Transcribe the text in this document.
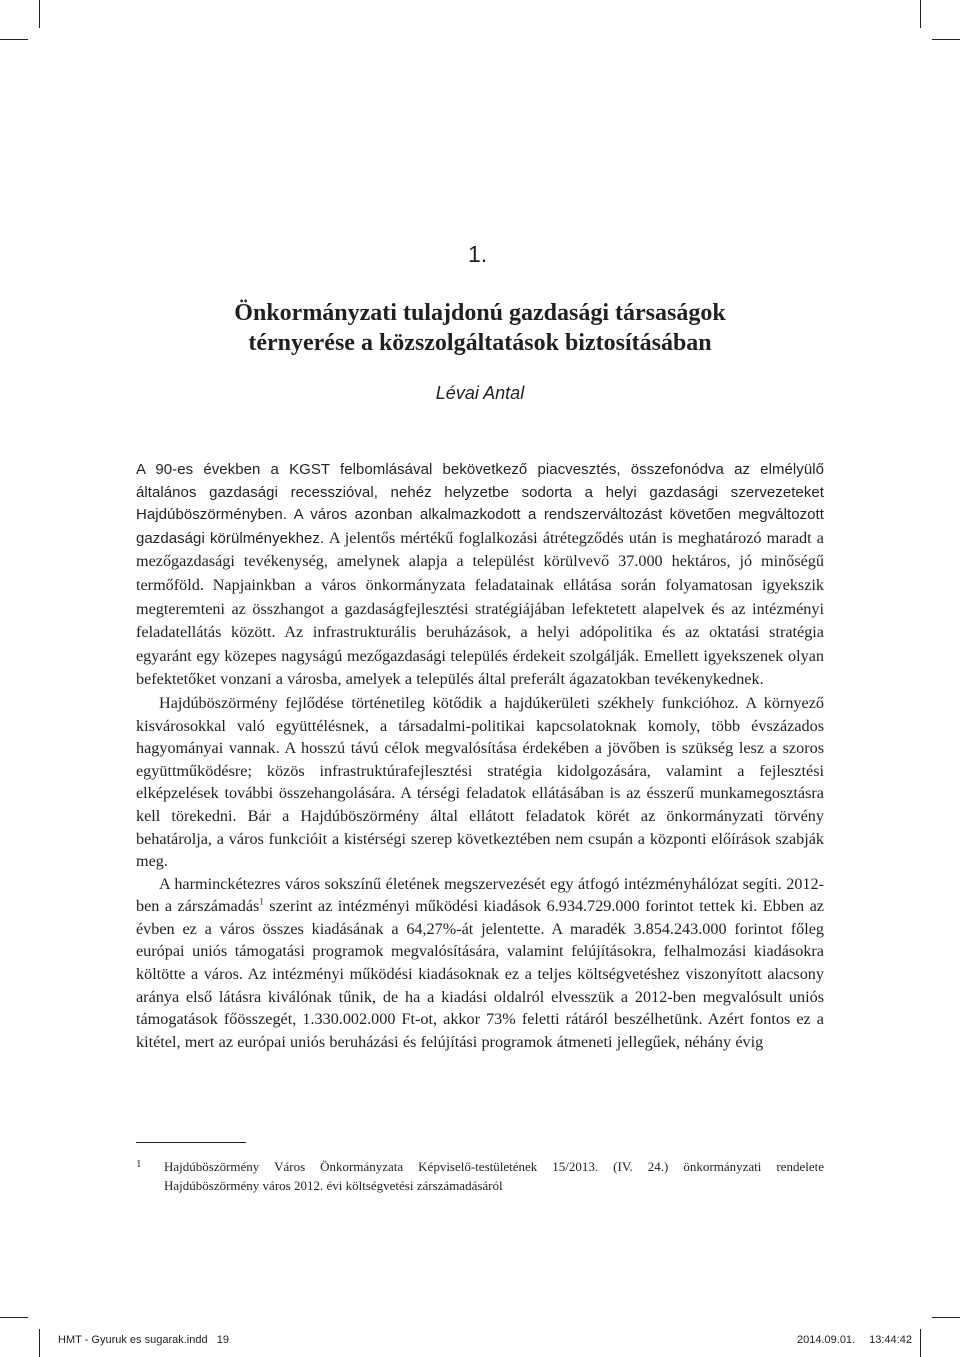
1.
Önkormányzati tulajdonú gazdasági társaságok
térnyerése a közszolgáltatások biztosításában
Lévai Antal

A 90-es években a KGST felbomlásával bekövetkező piacvesztés, összefonódva az elmélyülő általános gazdasági recesszióval, nehéz helyzetbe sodorta a helyi gazdasági szervezeteket Hajdúböszörményben. A város azonban alkalmazkodott a rendszerváltozást követően megváltozott gazdasági körülményekhez. A jelentős mértékű foglalkozási átrétegződés után is meghatározó maradt a mezőgazdasági tevékenység, amelynek alapja a települést körülvevő 37.000 hektáros, jó minőségű termőföld. Napjainkban a város önkormányzata feladatainak ellátása során folyamatosan igyekszik megteremteni az összhangot a gazdaságfejlesztési stratégiájában lefektetett alapelvek és az intézményi feladatellátás között. Az infrastrukturális beruházások, a helyi adópolitika és az oktatási stratégia egyaránt egy közepes nagyságú mezőgazdasági település érdekeit szolgálják. Emellett igyekszenek olyan befektetőket vonzani a városba, amelyek a település által preferált ágazatokban tevékenykednek.

Hajdúböszörmény fejlődése történetileg kötődik a hajdúkerületi székhely funkcióhoz. A környező kisvárosokkal való együttélésnek, a társadalmi-politikai kapcsolatoknak komoly, több évszázados hagyományai vannak. A hosszú távú célok megvalósítása érdekében a jövőben is szükség lesz a szoros együttműködésre; közös infrastruktúrafejlesztési stratégia kidolgozására, valamint a fejlesztési elképzelések további összehangolására. A térségi feladatok ellátásában is az ésszerű munkamegosztásra kell törekedni. Bár a Hajdúböszörmény által ellátott feladatok körét az önkormányzati törvény behatárolja, a város funkcióit a kistérségi szerep következtében nem csupán a központi előírások szabják meg.

A harminckétezres város sokszínű életének megszervezését egy átfogó intézményhálózat segíti. 2012-ben a zárszámadás$^1$ szerint az intézményi működési kiadások 6.934.729.000 forintot tettek ki. Ebben az évben ez a város összes kiadásának a 64,27%-át jelentette. A maradék 3.854.243.000 forintot főleg európai uniós támogatási programok megvalósítására, valamint felújításokra, felhalmozási kiadásokra költötte a város. Az intézményi működési kiadásoknak ez a teljes költségvetéshez viszonyított alacsony aránya első látásra kiválónak tűnik, de ha a kiadási oldalról elvesszük a 2012-ben megvalósult uniós támogatások főösszegét, 1.330.002.000 Ft-ot, akkor 73% feletti rátáról beszélhetünk. Azért fontos ez a kitétel, mert az európai uniós beruházási és felújítási programok átmeneti jellegűek, néhány évig

1 Hajdúböszörmény Város Önkormányzata Képviselő-testületének 15/2013. (IV. 24.) önkormányzati rendelete Hajdúböszörmény város 2012. évi költségvetési zárszámadásáról
HMT - Gyuruk es sugarak.indd   19	2014.09.01. 13:44:42
